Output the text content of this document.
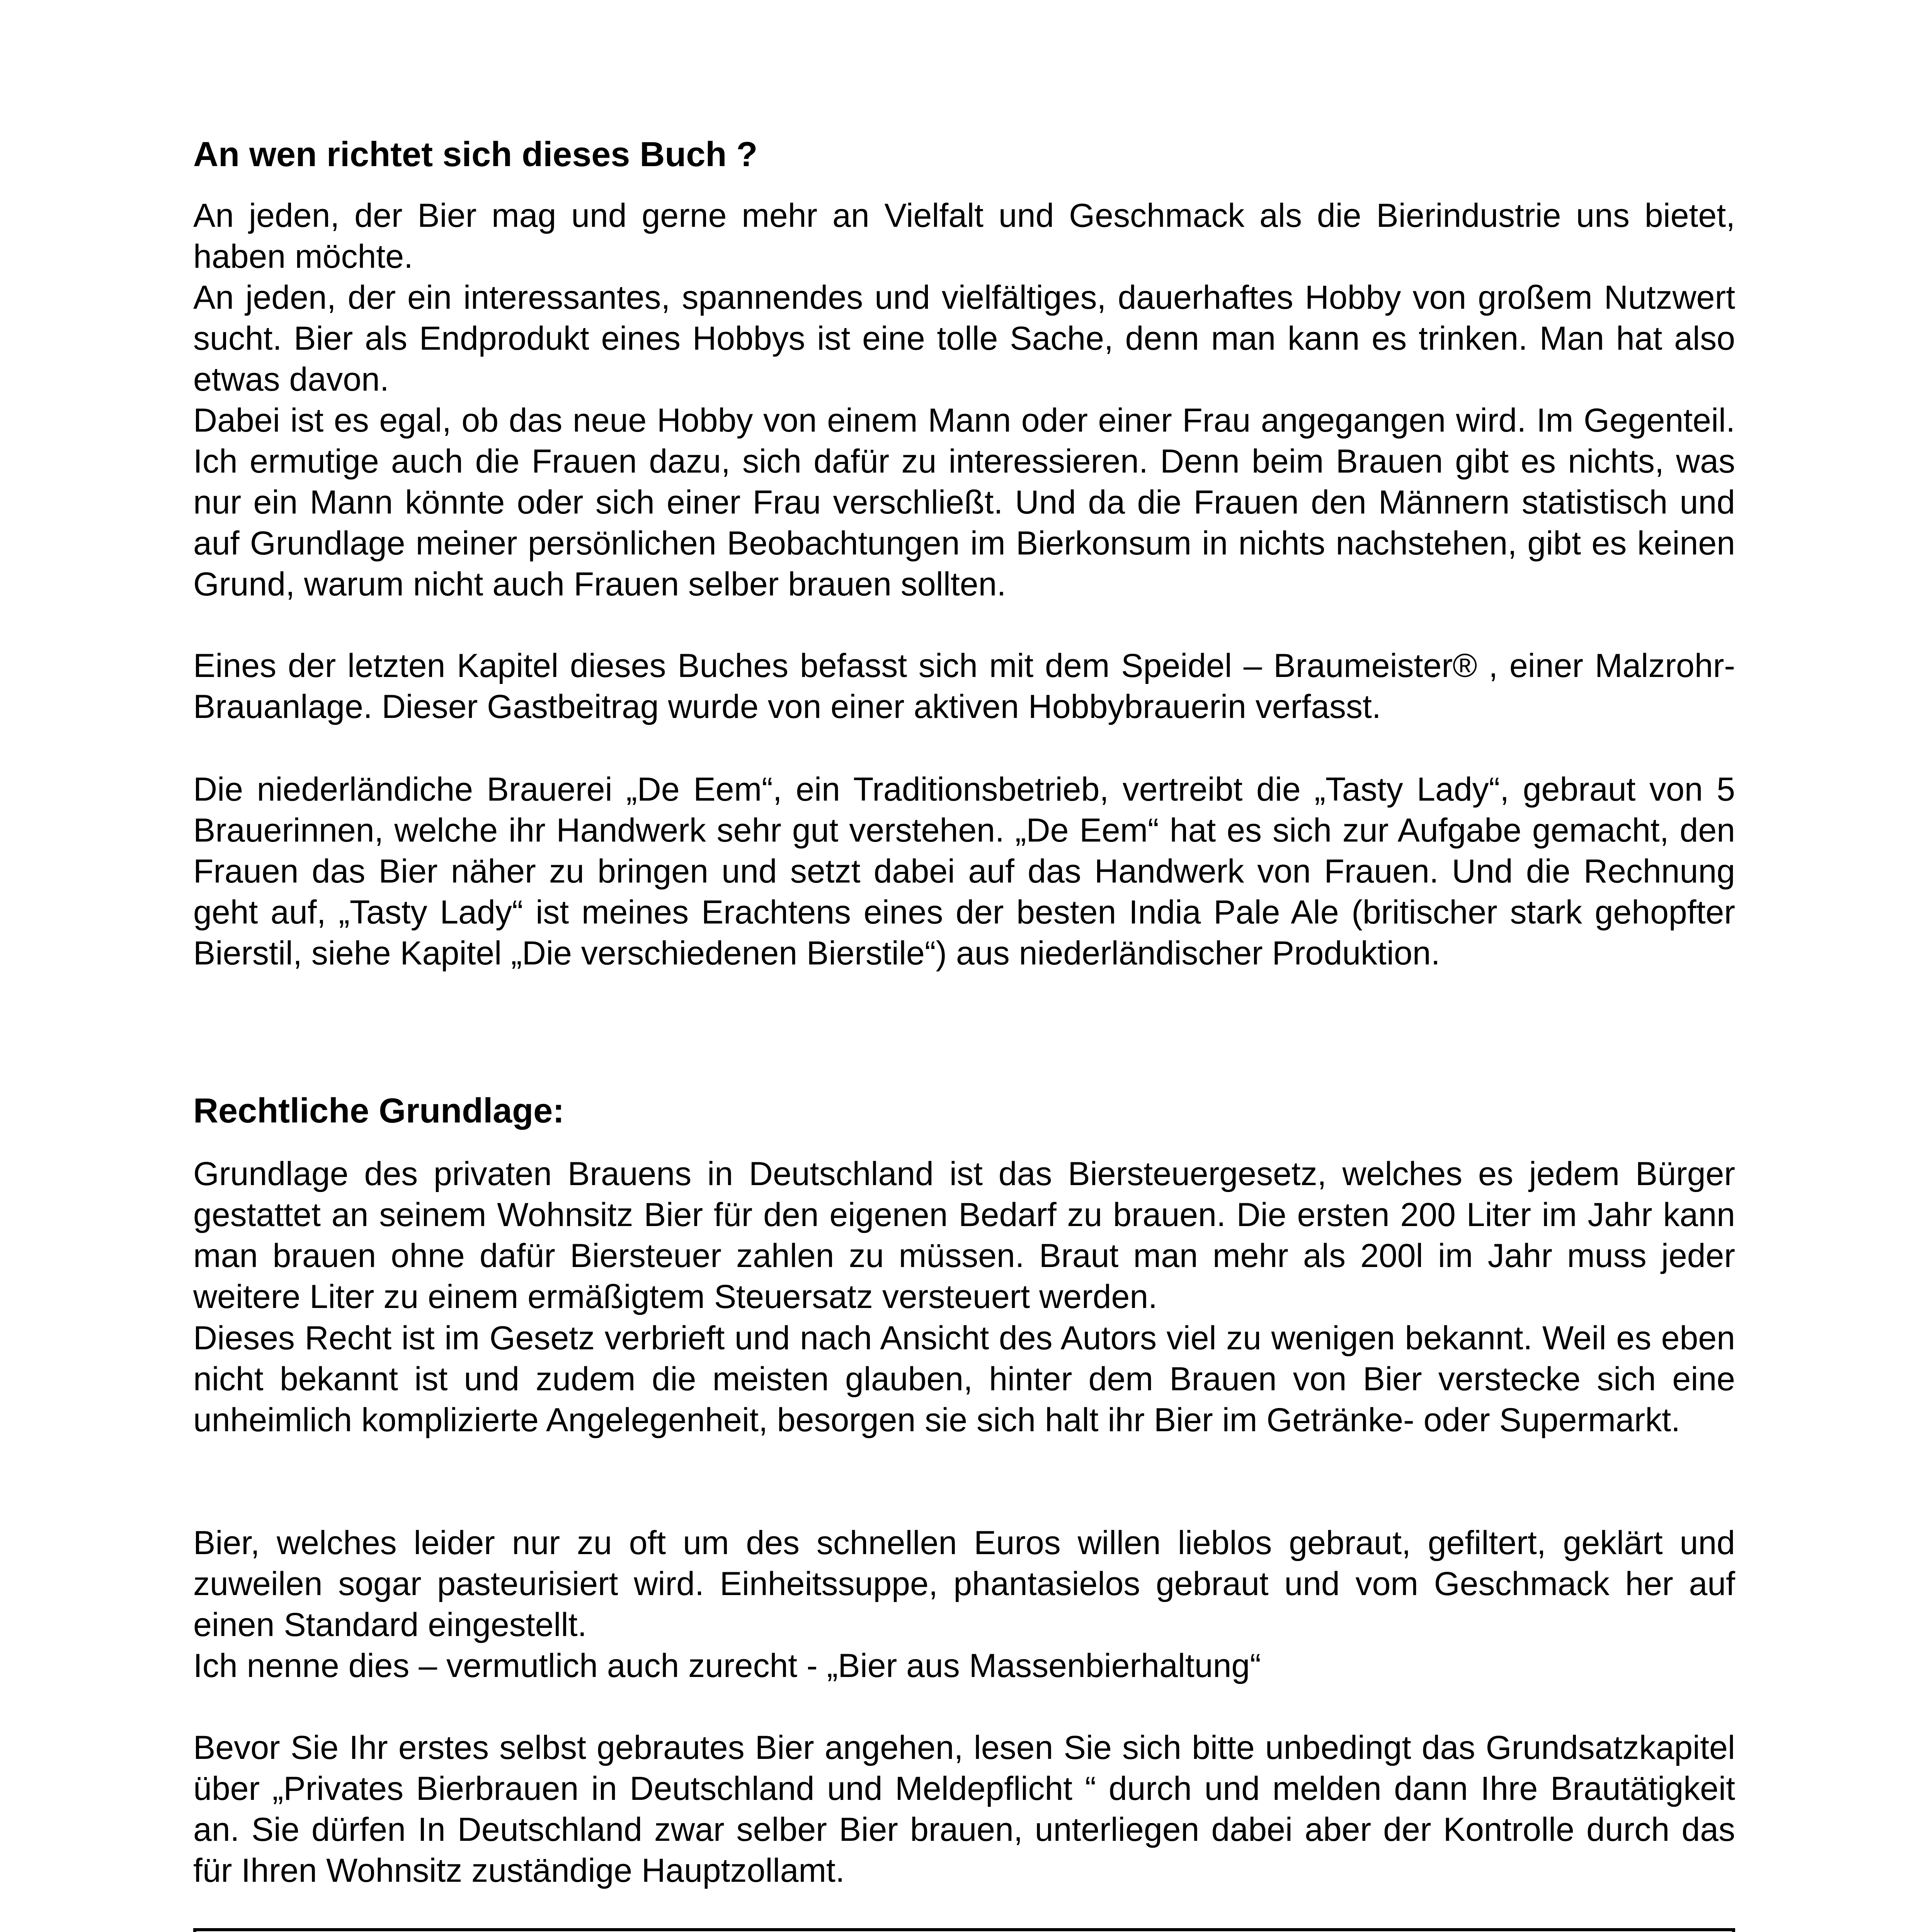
An wen richtet sich dieses Buch ?

An jeden, der Bier mag und gerne mehr an Vielfalt und Geschmack als die Bierindustrie uns bietet, haben möchte.

An jeden, der ein interessantes, spannendes und vielfältiges, dauerhaftes Hobby von großem Nutzwert sucht. Bier als Endprodukt eines Hobbys ist eine tolle Sache, denn man kann es trinken. Man hat also etwas davon.

Dabei ist es egal, ob das neue Hobby von einem Mann oder einer Frau angegangen wird. Im Gegenteil. Ich ermutige auch die Frauen dazu, sich dafür zu interessieren. Denn beim Brauen gibt es nichts, was nur ein Mann könnte oder sich einer Frau verschließt. Und da die Frauen den Männern statistisch und auf Grundlage meiner persönlichen Beobachtungen im Bierkonsum in nichts nachstehen, gibt es keinen Grund, warum nicht auch Frauen selber brauen sollten.

Eines der letzten Kapitel dieses Buches befasst sich mit dem Speidel – Braumeister® , einer Malzrohr-Brauanlage. Dieser Gastbeitrag wurde von einer aktiven Hobbybrauerin verfasst.

Die niederländiche Brauerei „De Eem“, ein Traditionsbetrieb, vertreibt die „Tasty Lady“, gebraut von 5 Brauerinnen, welche ihr Handwerk sehr gut verstehen. „De Eem“ hat es sich zur Aufgabe gemacht, den Frauen das Bier näher zu bringen und setzt dabei auf das Handwerk von Frauen. Und die Rechnung geht auf, „Tasty Lady“ ist meines Erachtens eines der besten India Pale Ale (britischer stark gehopfter Bierstil, siehe Kapitel „Die verschiedenen Bierstile“) aus niederländischer Produktion.

Rechtliche Grundlage:

Grundlage des privaten Brauens in Deutschland ist das Biersteuergesetz, welches es jedem Bürger gestattet an seinem Wohnsitz Bier für den eigenen Bedarf zu brauen. Die ersten 200 Liter im Jahr kann man brauen ohne dafür Biersteuer zahlen zu müssen. Braut man mehr als 200l im Jahr muss jeder weitere Liter zu einem ermäßigtem Steuersatz versteuert werden.

Dieses Recht ist im Gesetz verbrieft und nach Ansicht des Autors viel zu wenigen bekannt. Weil es eben nicht bekannt ist und zudem die meisten glauben, hinter dem Brauen von Bier verstecke sich eine unheimlich komplizierte Angelegenheit, besorgen sie sich halt ihr Bier im Getränke- oder Supermarkt.

Bier, welches leider nur zu oft um des schnellen Euros willen lieblos gebraut, gefiltert, geklärt und zuweilen sogar pasteurisiert wird. Einheitssuppe, phantasielos gebraut und vom Geschmack her auf einen Standard eingestellt.

Ich nenne dies – vermutlich auch zurecht - „Bier aus Massenbierhaltung“

Bevor Sie Ihr erstes selbst gebrautes Bier angehen, lesen Sie sich bitte unbedingt das Grundsatzkapitel über „Privates Bierbrauen in Deutschland und Meldepflicht “ durch und melden dann Ihre Brautätigkeit an. Sie dürfen In Deutschland zwar selber Bier brauen, unterliegen dabei aber der Kontrolle durch das für Ihren Wohnsitz zuständige Hauptzollamt.
